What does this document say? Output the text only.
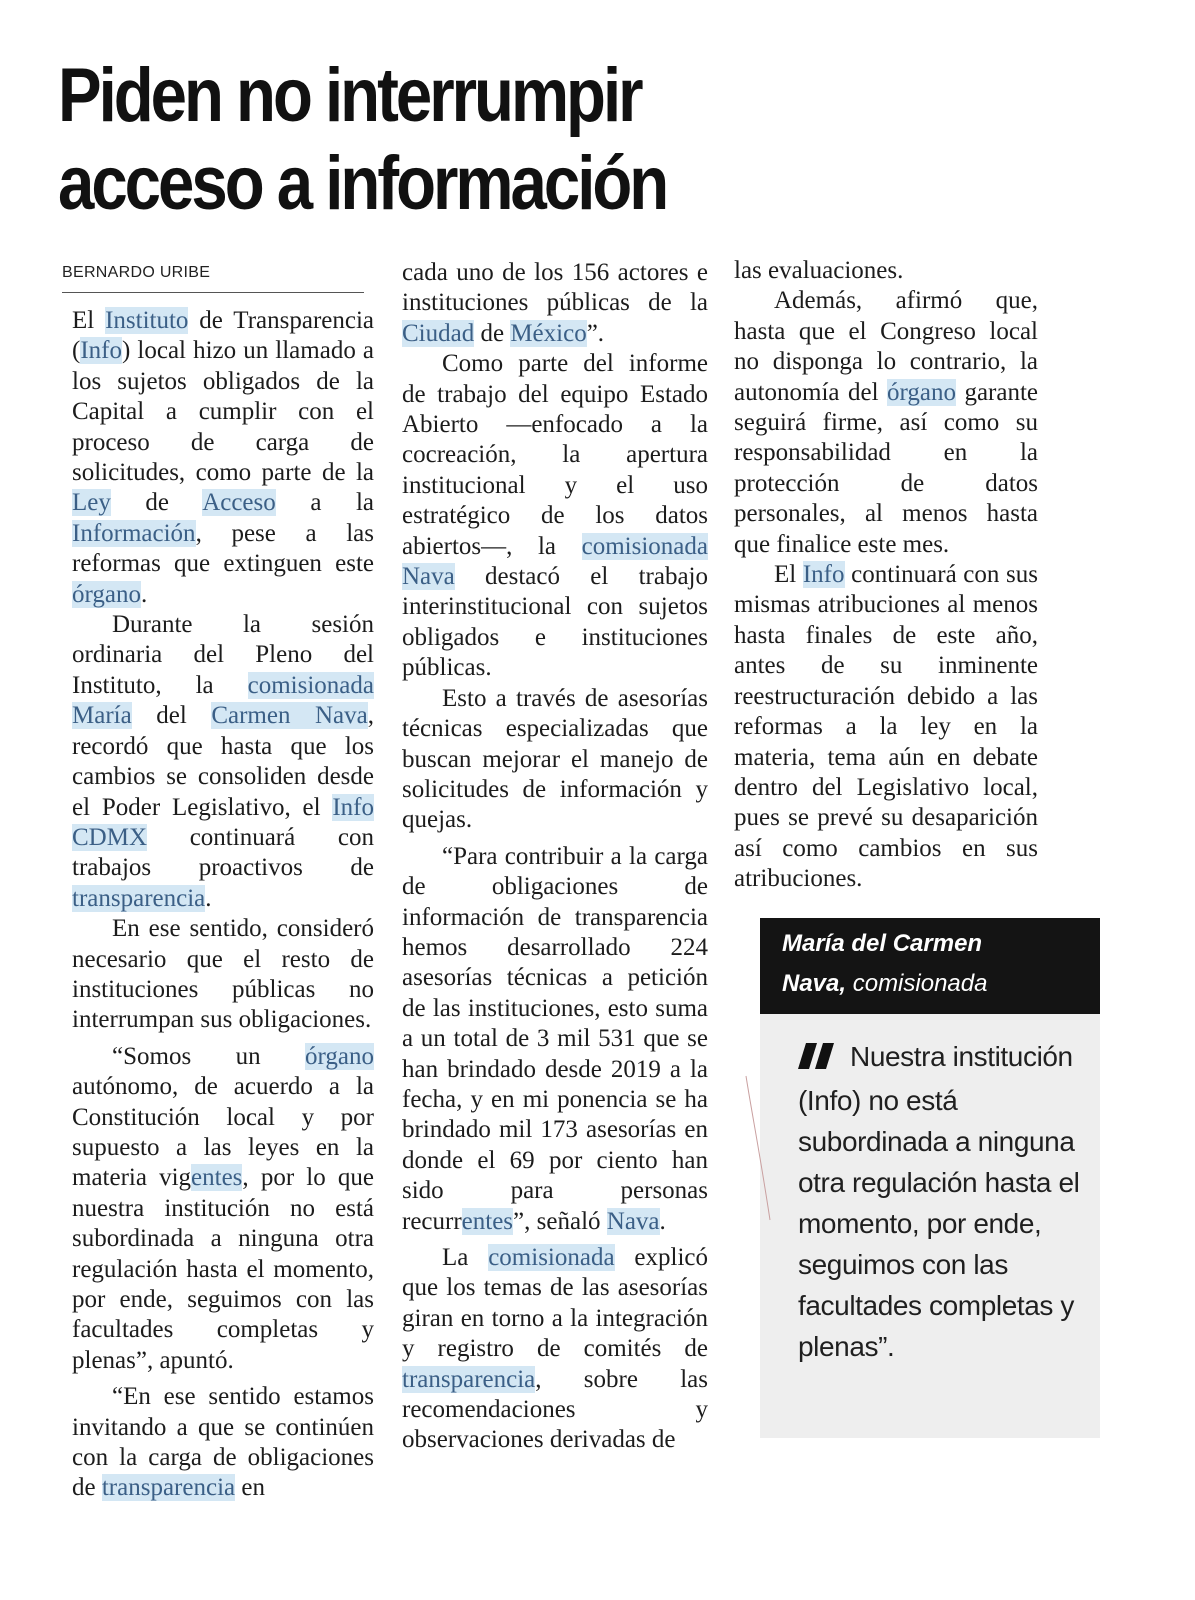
Piden no interrumpir
acceso a información
BERNARDO URIBE

El Instituto de Transparencia (Info) local hizo un llamado a los sujetos obligados de la Capital a cumplir con el proceso de carga de solicitudes, como parte de la Ley de Acceso a la Información, pese a las reformas que extinguen este órgano.

Durante la sesión ordinaria del Pleno del Instituto, la comisionada María del Carmen Nava, recordó que hasta que los cambios se consoliden desde el Poder Legislativo, el Info CDMX continuará con trabajos proactivos de transparencia.

En ese sentido, consideró necesario que el resto de instituciones públicas no interrumpan sus obligaciones.

“Somos un órgano autónomo, de acuerdo a la Constitución local y por supuesto a las leyes en la materia vigentes, por lo que nuestra institución no está subordinada a ninguna otra regulación hasta el momento, por ende, seguimos con las facultades completas y plenas”, apuntó.

“En ese sentido estamos invitando a que se continúen con la carga de obligaciones de transparencia en

cada uno de los 156 actores e instituciones públicas de la Ciudad de México”.

Como parte del informe de trabajo del equipo Estado Abierto —enfocado a la cocreación, la apertura institucional y el uso estratégico de los datos abiertos—, la comisionada Nava destacó el trabajo interinstitucional con sujetos obligados e instituciones públicas.

Esto a través de asesorías técnicas especializadas que buscan mejorar el manejo de solicitudes de información y quejas.

“Para contribuir a la carga de obligaciones de información de transparencia hemos desarrollado 224 asesorías técnicas a petición de las instituciones, esto suma a un total de 3 mil 531 que se han brindado desde 2019 a la fecha, y en mi ponencia se ha brindado mil 173 asesorías en donde el 69 por ciento han sido para personas recurrentes”, señaló Nava.

La comisionada explicó que los temas de las asesorías giran en torno a la integración y registro de comités de transparencia, sobre las recomendaciones y observaciones derivadas de

las evaluaciones.

Además, afirmó que, hasta que el Congreso local no disponga lo contrario, la autonomía del órgano garante seguirá firme, así como su responsabilidad en la protección de datos personales, al menos hasta que finalice este mes.

El Info continuará con sus mismas atribuciones al menos hasta finales de este año, antes de su inminente reestructuración debido a las reformas a la ley en la materia, tema aún en debate dentro del Legislativo local, pues se prevé su desaparición así como cambios en sus atribuciones.

María del Carmen
Nava, comisionada
Nuestra institución (Info) no está subordinada a ninguna otra regulación hasta el momento, por ende, seguimos con las facultades completas y plenas”.
